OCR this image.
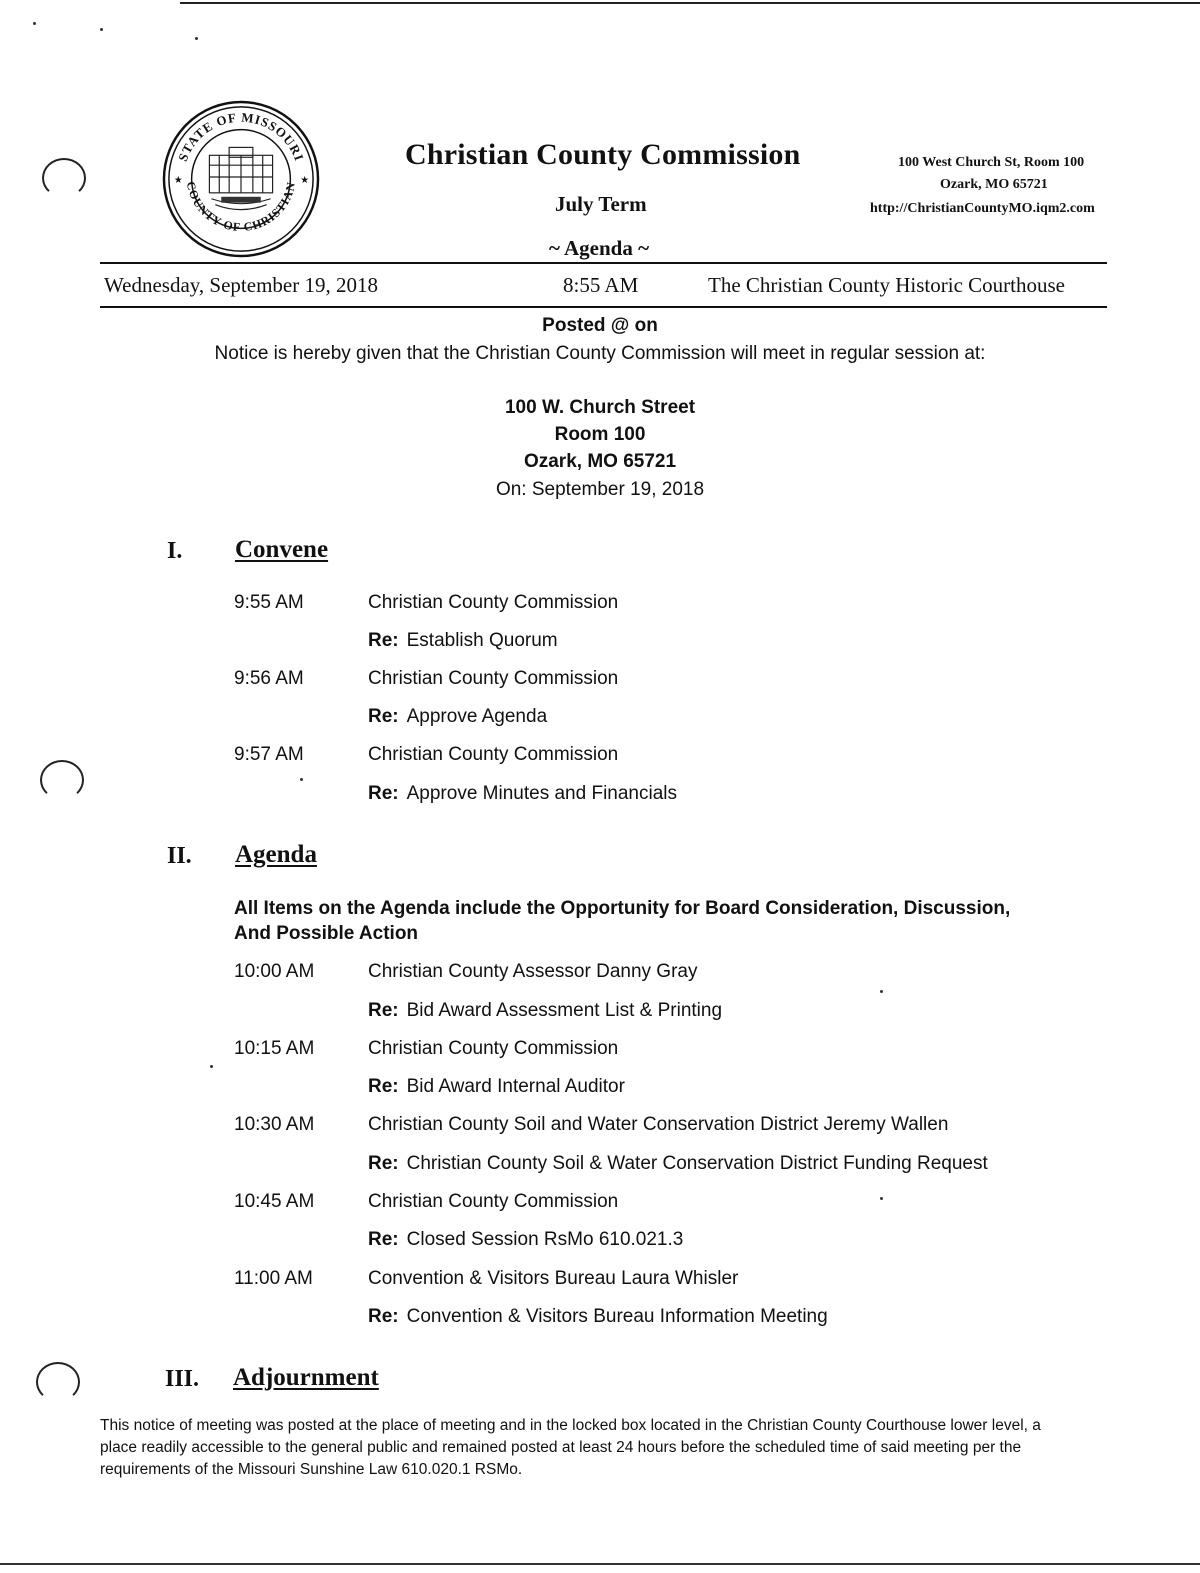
STATE OF MISSOURI
COUNTY OF CHRISTIAN
★	★
Christian County Commission
July Term
~ Agenda ~
100 West Church St, Room 100
Ozark, MO 65721
http://ChristianCountyMO.iqm2.com
Wednesday, September 19, 2018	8:55 AM	The Christian County Historic Courthouse
Posted @ on
Notice is hereby given that the Christian County Commission will meet in regular session at:
100 W. Church Street
Room 100
Ozark, MO 65721
On: September 19, 2018
I. Convene
9:55 AM	Christian County Commission
Re: Establish Quorum
9:56 AM	Christian County Commission
Re: Approve Agenda
9:57 AM	Christian County Commission
Re: Approve Minutes and Financials
II. Agenda
All Items on the Agenda include the Opportunity for Board Consideration, Discussion,
And Possible Action
10:00 AM	Christian County Assessor Danny Gray
Re: Bid Award Assessment List & Printing
10:15 AM	Christian County Commission
Re: Bid Award Internal Auditor
10:30 AM	Christian County Soil and Water Conservation District Jeremy Wallen
Re: Christian County Soil & Water Conservation District Funding Request
10:45 AM	Christian County Commission
Re: Closed Session RsMo 610.021.3
11:00 AM	Convention & Visitors Bureau Laura Whisler
Re: Convention & Visitors Bureau Information Meeting
III. Adjournment
This notice of meeting was posted at the place of meeting and in the locked box located in the Christian County Courthouse lower level, a place readily accessible to the general public and remained posted at least 24 hours before the scheduled time of said meeting per the requirements of the Missouri Sunshine Law 610.020.1 RSMo.
